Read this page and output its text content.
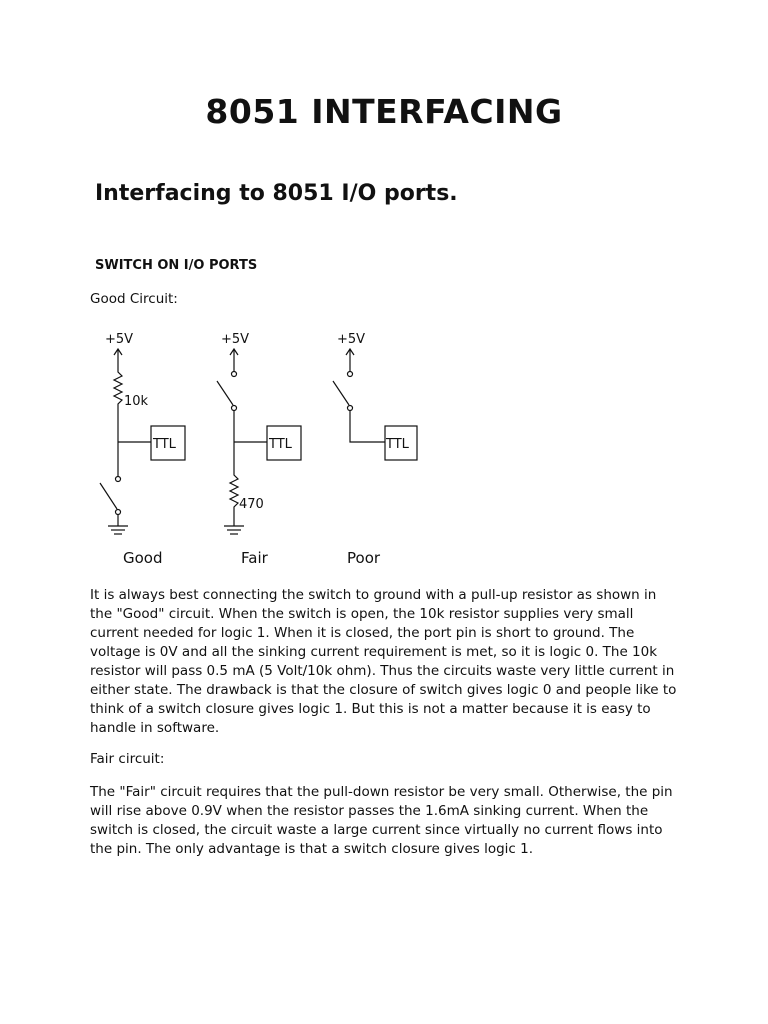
8051 INTERFACING
Interfacing to 8051 I/O ports.
SWITCH ON I/O PORTS

Good Circuit:

+5V
10k
TTL
Good
+5V
TTL
470
Fair
+5V
TTL
Poor

It is always best connecting the switch to ground with a pull-up resistor as shown in the "Good" circuit. When the switch is open, the 10k resistor supplies very small current needed for logic 1. When it is closed, the port pin is short to ground. The voltage is 0V and all the sinking current requirement is met, so it is logic 0. The 10k resistor will pass 0.5 mA (5 Volt/10k ohm). Thus the circuits waste very little current in either state. The drawback is that the closure of switch gives logic 0 and people like to think of a switch closure gives logic 1. But this is not a matter because it is easy to handle in software.

Fair circuit:

The "Fair" circuit requires that the pull-down resistor be very small. Otherwise, the pin will rise above 0.9V when the resistor passes the 1.6mA sinking current. When the switch is closed, the circuit waste a large current since virtually no current flows into the pin. The only advantage is that a switch closure gives logic 1.
